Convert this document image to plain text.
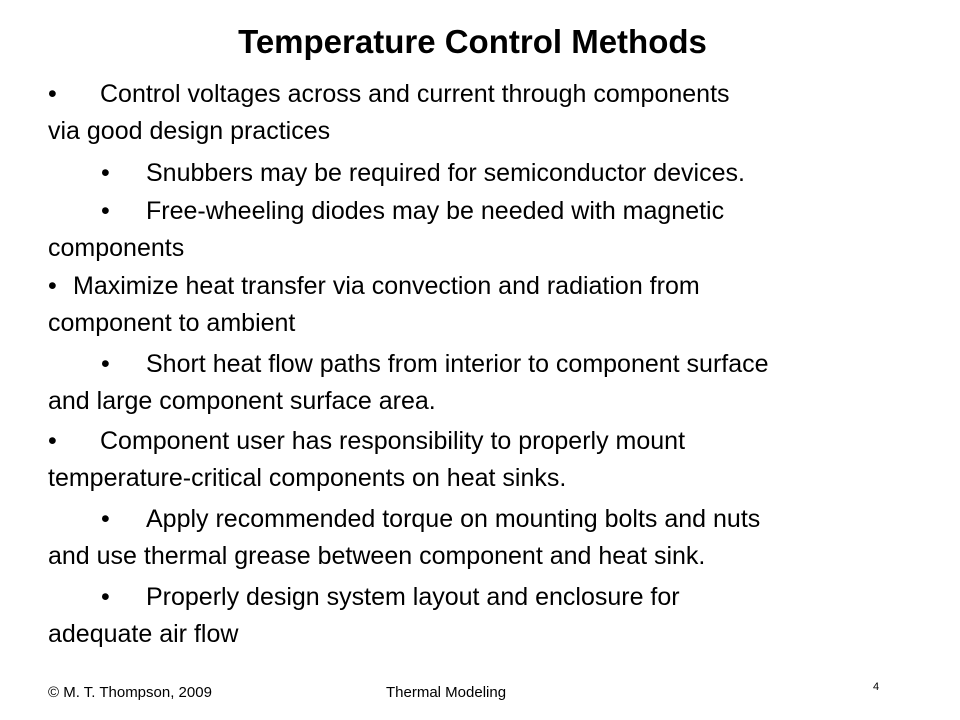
Temperature Control Methods

• Control voltages across and current through components
via good design practices

• Snubbers may be required for semiconductor devices.

• Free-wheeling diodes may be needed with magnetic
components

• Maximize heat transfer via convection and radiation from
component to ambient

• Short heat flow paths from interior to component surface
and large component surface area.

• Component user has responsibility to properly mount
temperature-critical components on heat sinks.

• Apply recommended torque on mounting bolts and nuts
and use thermal grease between component and heat sink.

• Properly design system layout and enclosure for
adequate air flow

© M. T. Thompson, 2009	Thermal Modeling	4
